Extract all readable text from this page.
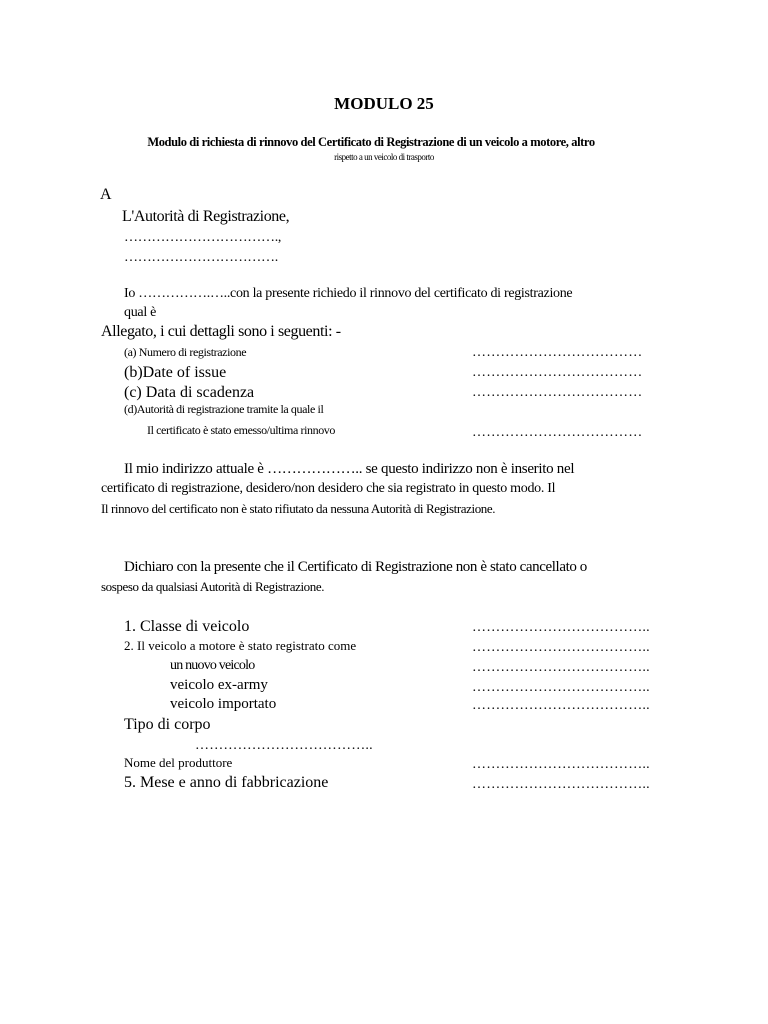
MODULO 25
Modulo di richiesta di rinnovo del Certificato di Registrazione di un veicolo a motore, altro
rispetto a un veicolo di trasporto
A
L'Autorità di Registrazione,
…………………………….,
…………………………….
Io …………….…..con la presente richiedo il rinnovo del certificato di registrazione
qual è
Allegato, i cui dettagli sono i seguenti: -
(a) Numero di registrazione	………………………………
(b)Date of issue	………………………………
(c) Data di scadenza	………………………………
(d)Autorità di registrazione tramite la quale il
Il certificato è stato emesso/ultima rinnovo	………………………………
Il mio indirizzo attuale è ……………….. se questo indirizzo non è inserito nel
certificato di registrazione, desidero/non desidero che sia registrato in questo modo. Il
Il rinnovo del certificato non è stato rifiutato da nessuna Autorità di Registrazione.
Dichiaro con la presente che il Certificato di Registrazione non è stato cancellato o
sospeso da qualsiasi Autorità di Registrazione.
1. Classe di veicolo	………………………………..
2. Il veicolo a motore è stato registrato come	………………………………..
un nuovo veicolo	………………………………..
veicolo ex-army	………………………………..
veicolo importato	………………………………..
Tipo di corpo
………………………………..
Nome del produttore	………………………………..
5. Mese e anno di fabbricazione	………………………………..
